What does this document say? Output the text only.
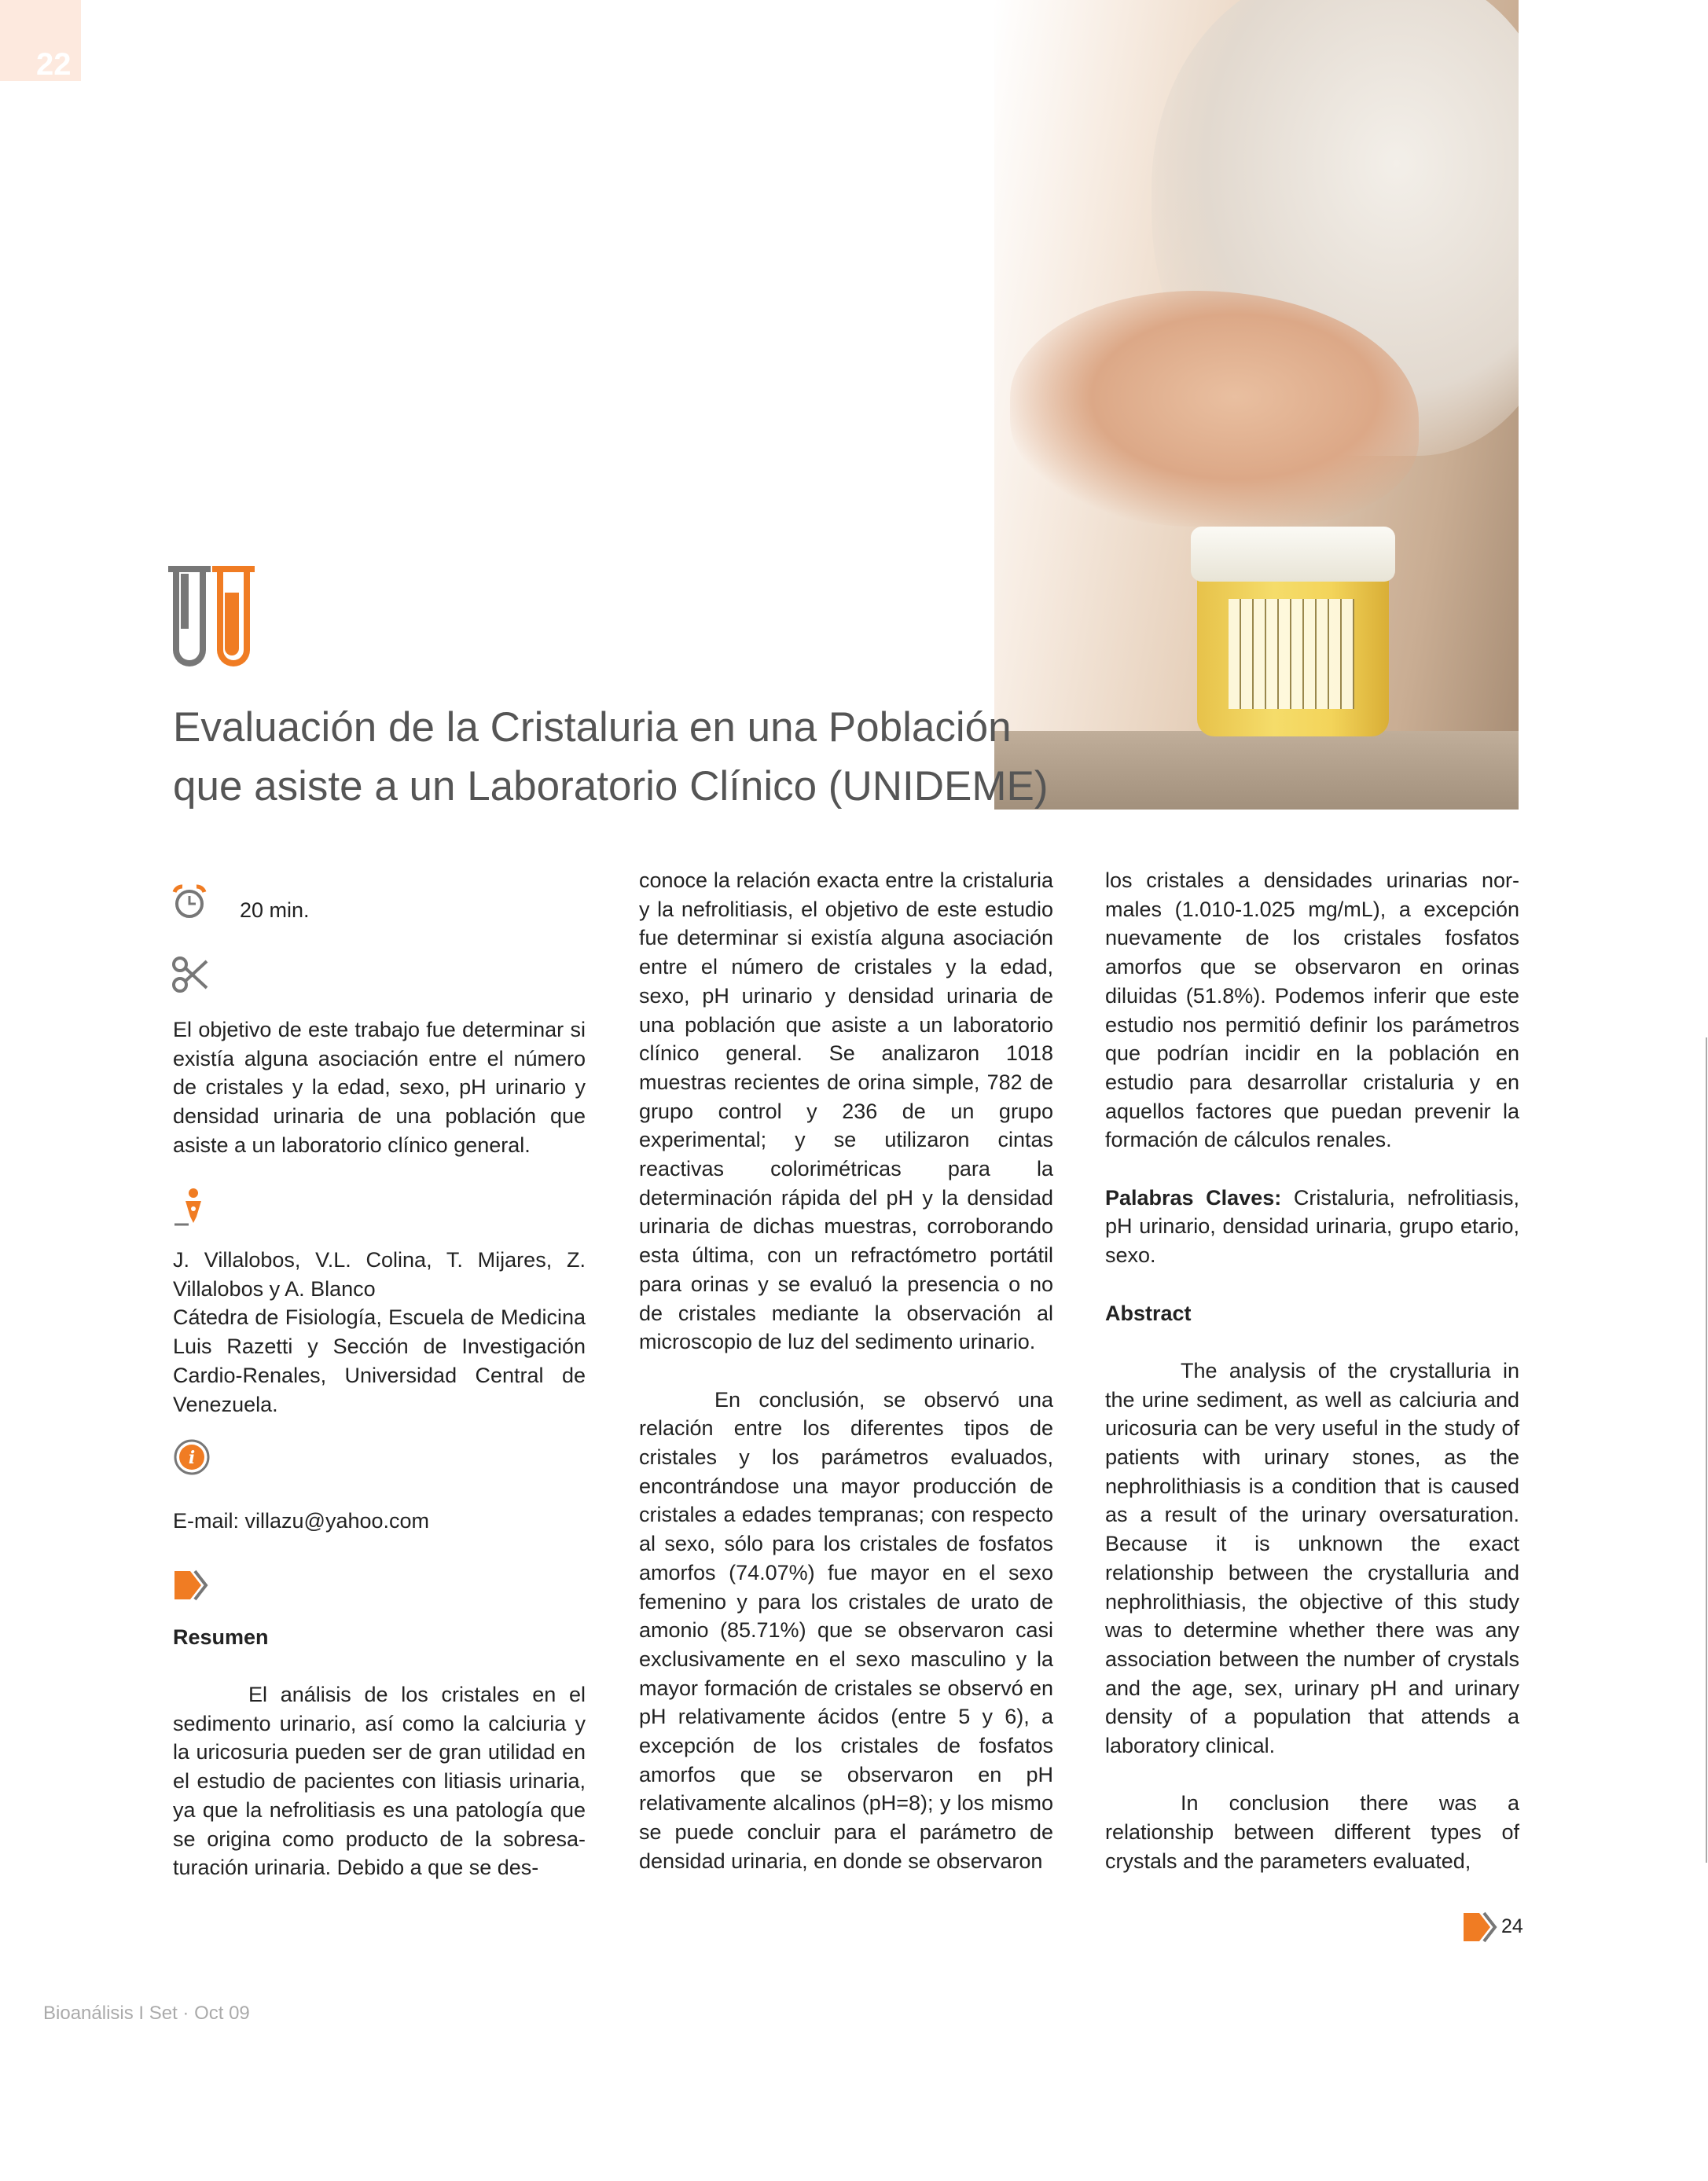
22
Evaluación de la Cristaluria en una Población
que asiste a un Laboratorio Clínico (UNIDEME)
20 min.

El objetivo de este trabajo fue determinar si existía alguna asociación entre el número de cristales y la edad, sexo, pH urinario y densidad urinaria de una población que asiste a un laboratorio clínico general.

J. Villalobos, V.L. Colina, T. Mijares, Z. Villalobos y A. Blanco

Cátedra de Fisiología, Escuela de Medicina Luis Razetti y Sección de Investigación Cardio-Renales, Universidad Central de Venezuela.

i
E-mail: villazu@yahoo.com
Resumen

El análisis de los cristales en el sedimento urinario, así como la calciuria y la uricosuria pueden ser de gran utilidad en el estudio de pacientes con litiasis urinaria, ya que la nefrolitiasis es una patología que se origina como producto de la sobresa-turación urinaria. Debido a que se des-

conoce la relación exacta entre la cristaluria y la nefrolitiasis, el objetivo de este estudio fue determinar si existía alguna asociación entre el número de cristales y la edad, sexo, pH urinario y densidad urinaria de una población que asiste a un laboratorio clínico general. Se analizaron 1018 muestras recientes de orina simple, 782 de grupo control y 236 de un grupo experimental; y se utilizaron cintas reactivas colorimétricas para la determinación rápida del pH y la densidad urinaria de dichas muestras, corroborando esta última, con un refractómetro portátil para orinas y se evaluó la presencia o no de cristales mediante la observación al microscopio de luz del sedimento urinario.

En conclusión, se observó una relación entre los diferentes tipos de cristales y los parámetros evaluados, encontrándose una mayor producción de cristales a edades tempranas; con respecto al sexo, sólo para los cristales de fosfatos amorfos (74.07%) fue mayor en el sexo femenino y para los cristales de urato de amonio (85.71%) que se observaron casi exclusivamente en el sexo masculino y la mayor formación de cristales se observó en pH relativamente ácidos (entre 5 y 6), a excepción de los cristales de fosfatos amorfos que se observaron en pH relativamente alcalinos (pH=8); y los mismo se puede concluir para el parámetro de densidad urinaria, en donde se observaron

los cristales a densidades urinarias nor-males (1.010-1.025 mg/mL), a excepción nuevamente de los cristales fosfatos amorfos que se observaron en orinas diluidas (51.8%). Podemos inferir que este estudio nos permitió definir los parámetros que podrían incidir en la población en estudio para desarrollar cristaluria y en aquellos factores que puedan prevenir la formación de cálculos renales.

Palabras Claves: Cristaluria, nefrolitiasis, pH urinario, densidad urinaria, grupo etario, sexo.

Abstract

The analysis of the crystalluria in the urine sediment, as well as calciuria and uricosuria can be very useful in the study of patients with urinary stones, as the nephrolithiasis is a condition that is caused as a result of the urinary oversaturation. Because it is unknown the exact relationship between the crystalluria and nephrolithiasis, the objective of this study was to determine whether there was any association between the number of crystals and the age, sex, urinary pH and urinary density of a population that attends a laboratory clinical.

In conclusion there was a relationship between different types of crystals and the parameters evaluated,

24
Bioanálisis I Set · Oct 09
